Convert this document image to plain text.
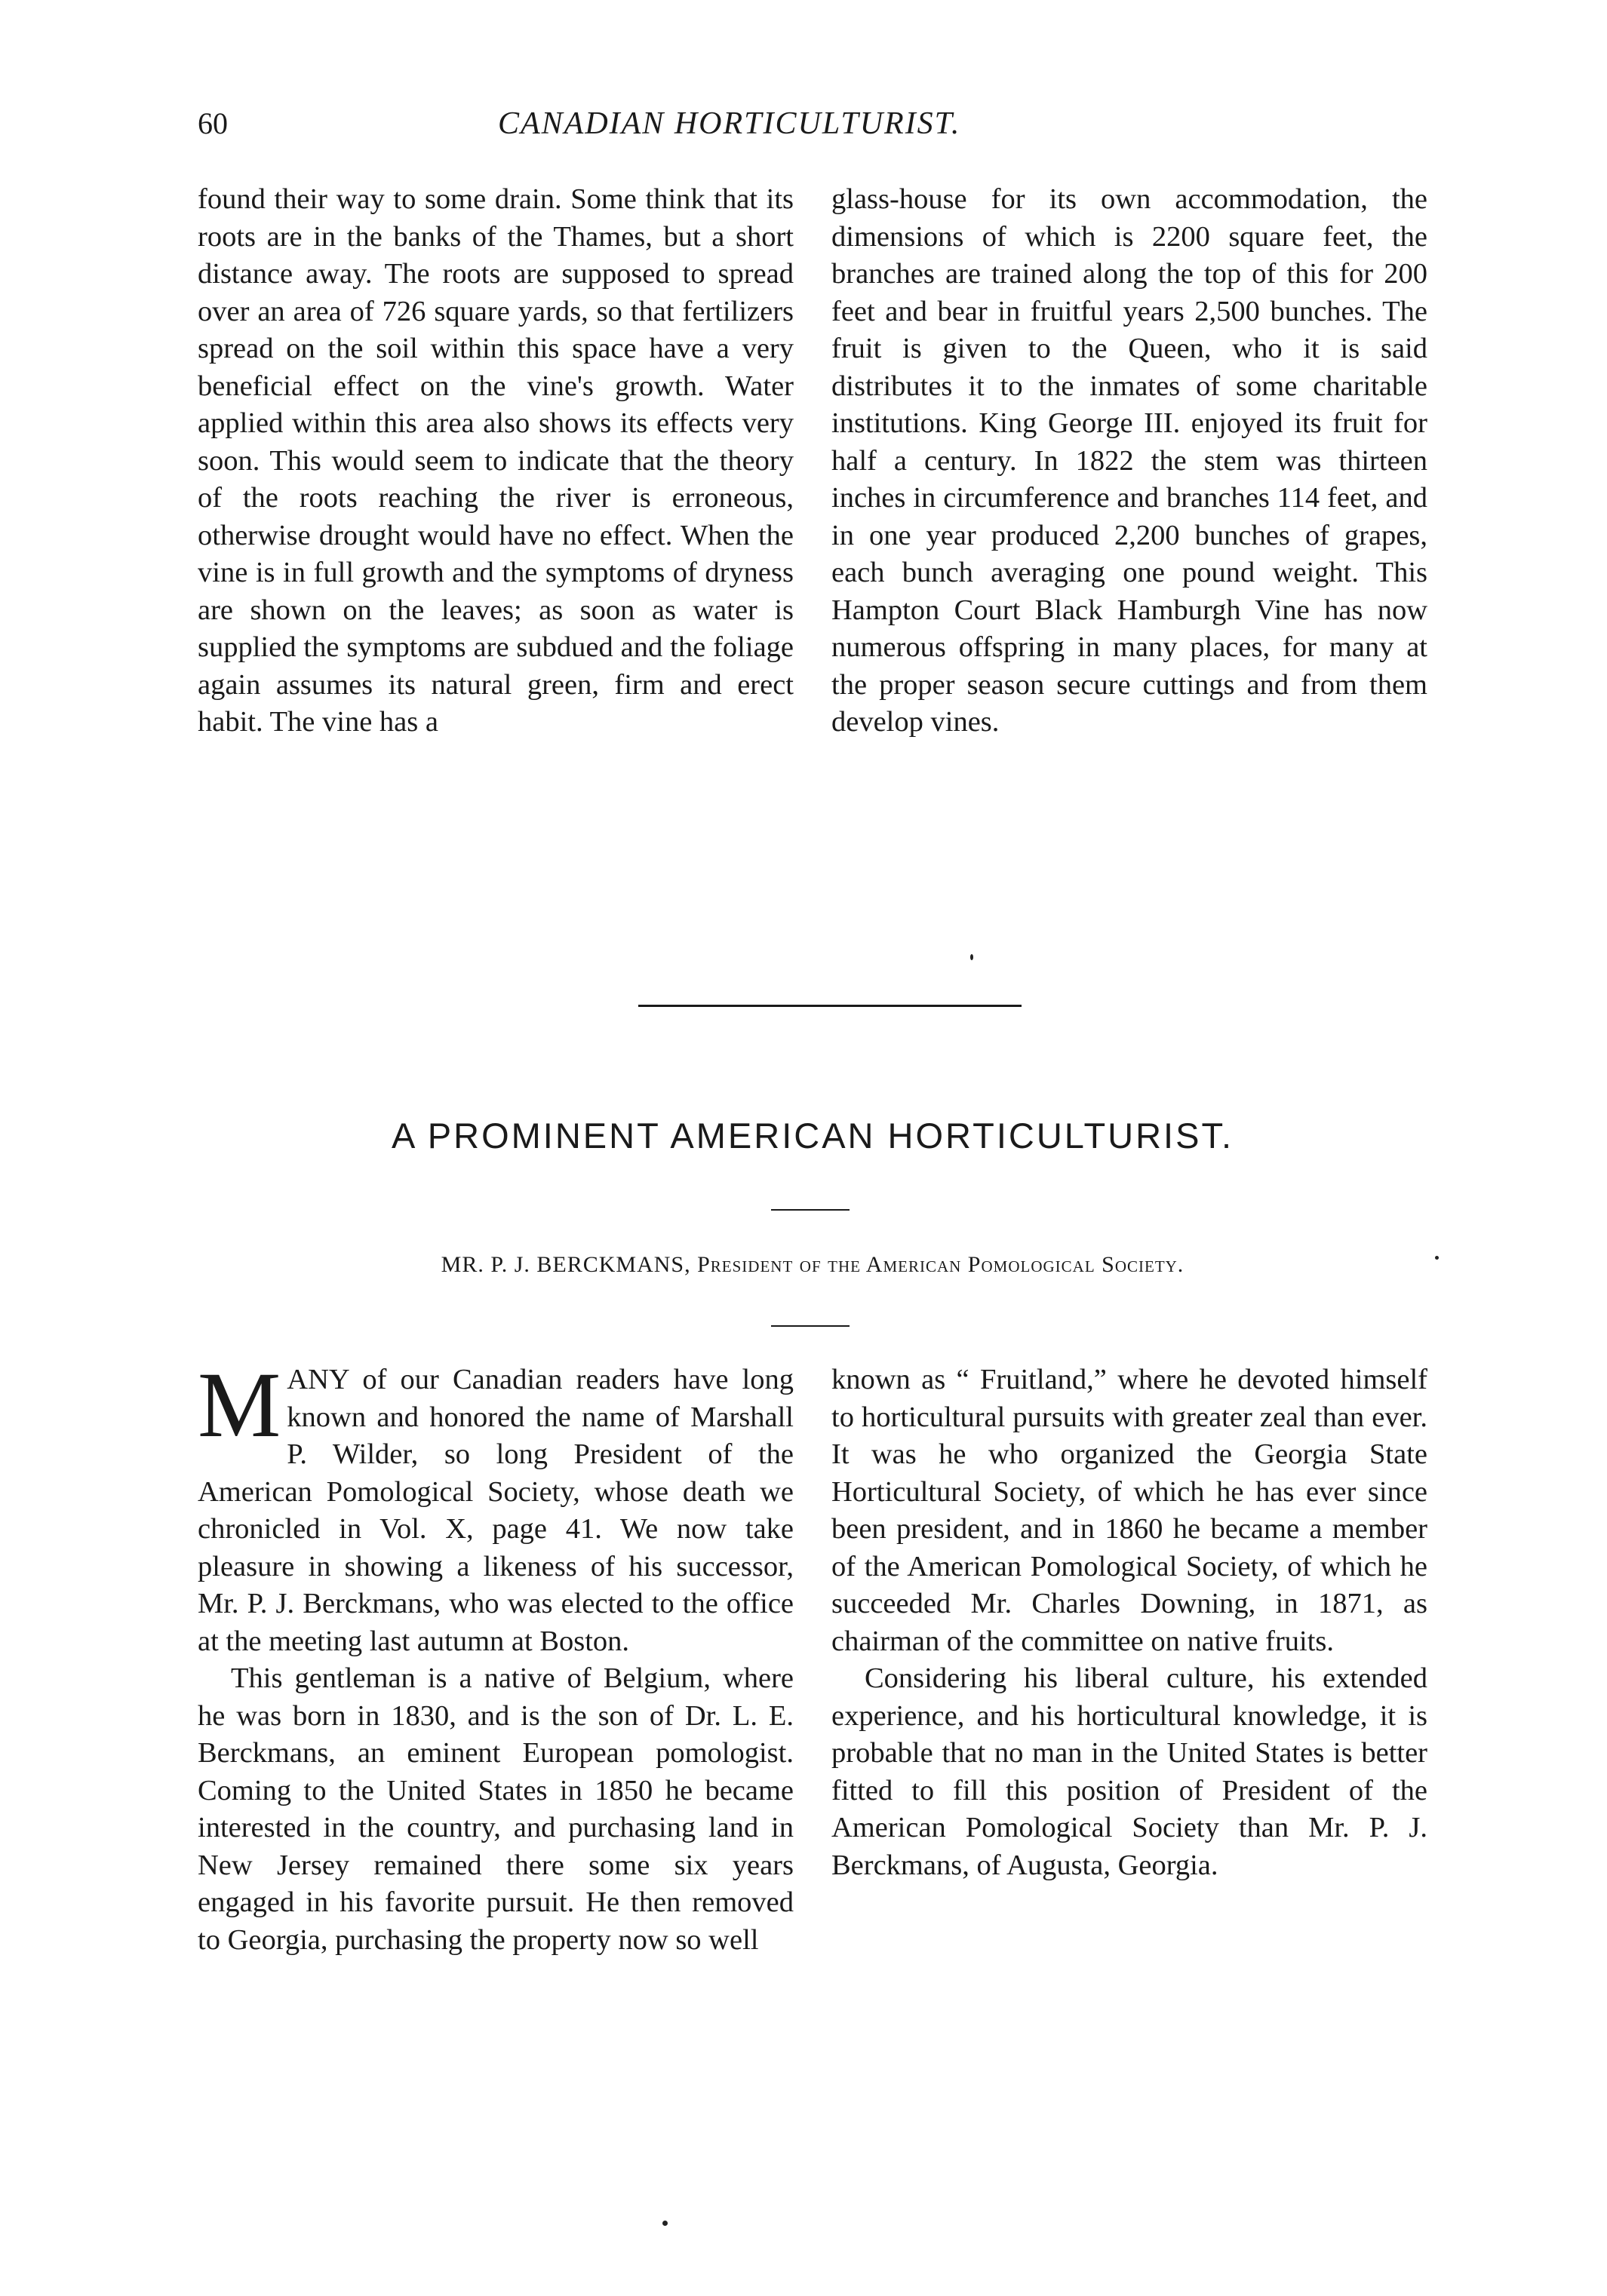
60	CANADIAN HORTICULTURIST.

found their way to some drain. Some think that its roots are in the banks of the Thames, but a short distance away. The roots are supposed to spread over an area of 726 square yards, so that fertilizers spread on the soil within this space have a very beneficial effect on the vine's growth. Water applied within this area also shows its effects very soon. This would seem to indicate that the theory of the roots reaching the river is erroneous, otherwise drought would have no effect. When the vine is in full growth and the symptoms of dryness are shown on the leaves; as soon as water is supplied the symptoms are subdued and the foliage again assumes its natural green, firm and erect habit. The vine has a

glass-house for its own accommodation, the dimensions of which is 2200 square feet, the branches are trained along the top of this for 200 feet and bear in fruitful years 2,500 bunches. The fruit is given to the Queen, who it is said distributes it to the inmates of some charitable institutions. King George III. enjoyed its fruit for half a century. In 1822 the stem was thirteen inches in circumference and branches 114 feet, and in one year produced 2,200 bunches of grapes, each bunch averaging one pound weight. This Hampton Court Black Hamburgh Vine has now numerous offspring in many places, for many at the proper season secure cuttings and from them develop vines.

A PROMINENT AMERICAN HORTICULTURIST.
MR. P. J. BERCKMANS, President of the American Pomological Society.

MANY of our Canadian readers have long known and honored the name of Marshall P. Wilder, so long President of the American Pomological Society, whose death we chronicled in Vol. X, page 41. We now take pleasure in showing a likeness of his successor, Mr. P. J. Berckmans, who was elected to the office at the meeting last autumn at Boston.

This gentleman is a native of Belgium, where he was born in 1830, and is the son of Dr. L. E. Berckmans, an eminent European pomologist. Coming to the United States in 1850 he became interested in the country, and purchasing land in New Jersey remained there some six years engaged in his favorite pursuit. He then removed to Georgia, purchasing the property now so well

known as “ Fruitland,” where he devoted himself to horticultural pursuits with greater zeal than ever. It was he who organized the Georgia State Horticultural Society, of which he has ever since been president, and in 1860 he became a member of the American Pomological Society, of which he succeeded Mr. Charles Downing, in 1871, as chairman of the committee on native fruits.

Considering his liberal culture, his extended experience, and his horticultural knowledge, it is probable that no man in the United States is better fitted to fill this position of President of the American Pomological Society than Mr. P. J. Berckmans, of Augusta, Georgia.
